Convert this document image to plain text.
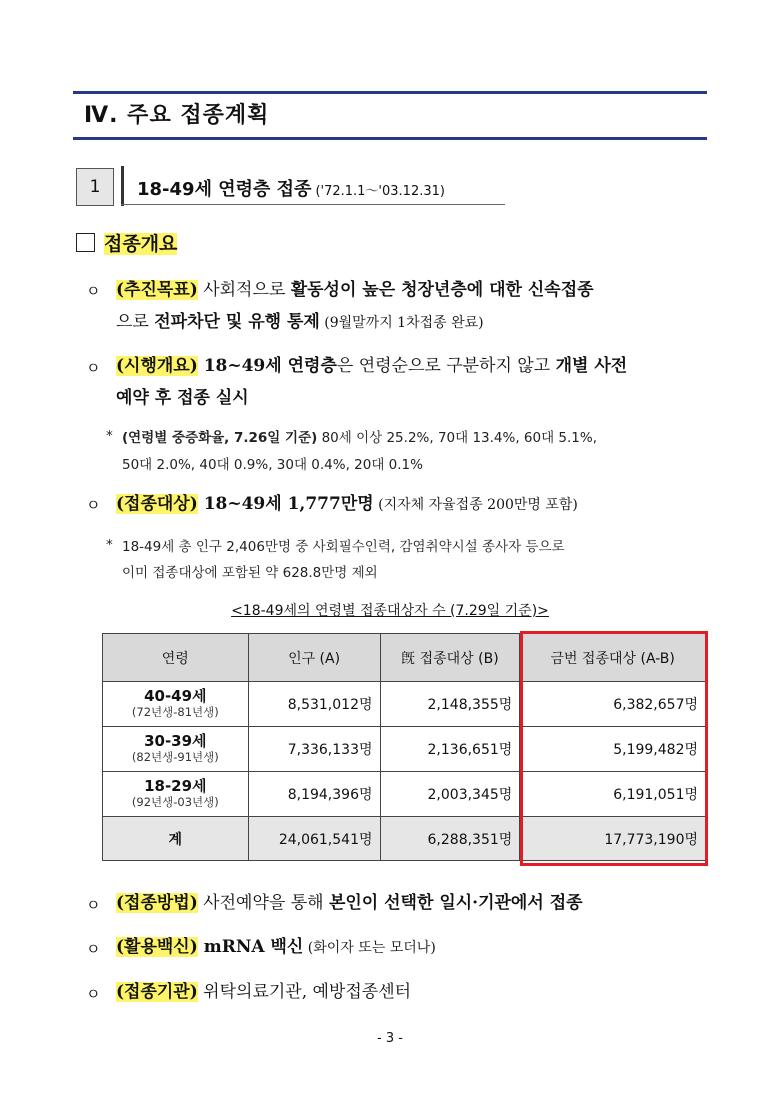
Ⅳ. 주요 접종계획
1	18-49세 연령층 접종 ('72.1.1～'03.12.31)
접종개요
ㅇ (추진목표) 사회적으로 활동성이 높은 청장년층에 대한 신속접종
으로 전파차단 및 유행 통제 (9월말까지 1차접종 완료)
ㅇ (시행개요) 18~49세 연령층은 연령순으로 구분하지 않고 개별 사전
예약 후 접종 실시
* (연령별 중증화율, 7.26일 기준) 80세 이상 25.2%, 70대 13.4%, 60대 5.1%,
50대 2.0%, 40대 0.9%, 30대 0.4%, 20대 0.1%
ㅇ (접종대상) 18~49세 1,777만명 (지자체 자율접종 200만명 포함)
* 18-49세 총 인구 2,406만명 중 사회필수인력, 감염취약시설 종사자 등으로
이미 접종대상에 포함된 약 628.8만명 제외
<18-49세의 연령별 접종대상자 수 (7.29일 기준)>
연령	인구 (A)	旣 접종대상 (B)	금번 접종대상 (A-B)

40-49세
(72년생-81년생)	8,531,012명	2,148,355명	6,382,657명

30-39세
(82년생-91년생)	7,336,133명	2,136,651명	5,199,482명

18-29세
(92년생-03년생)	8,194,396명	2,003,345명	6,191,051명
계	24,061,541명	6,288,351명	17,773,190명
ㅇ (접종방법) 사전예약을 통해 본인이 선택한 일시·기관에서 접종
ㅇ (활용백신) mRNA 백신 (화이자 또는 모더나)
ㅇ (접종기관) 위탁의료기관, 예방접종센터
- 3 -
